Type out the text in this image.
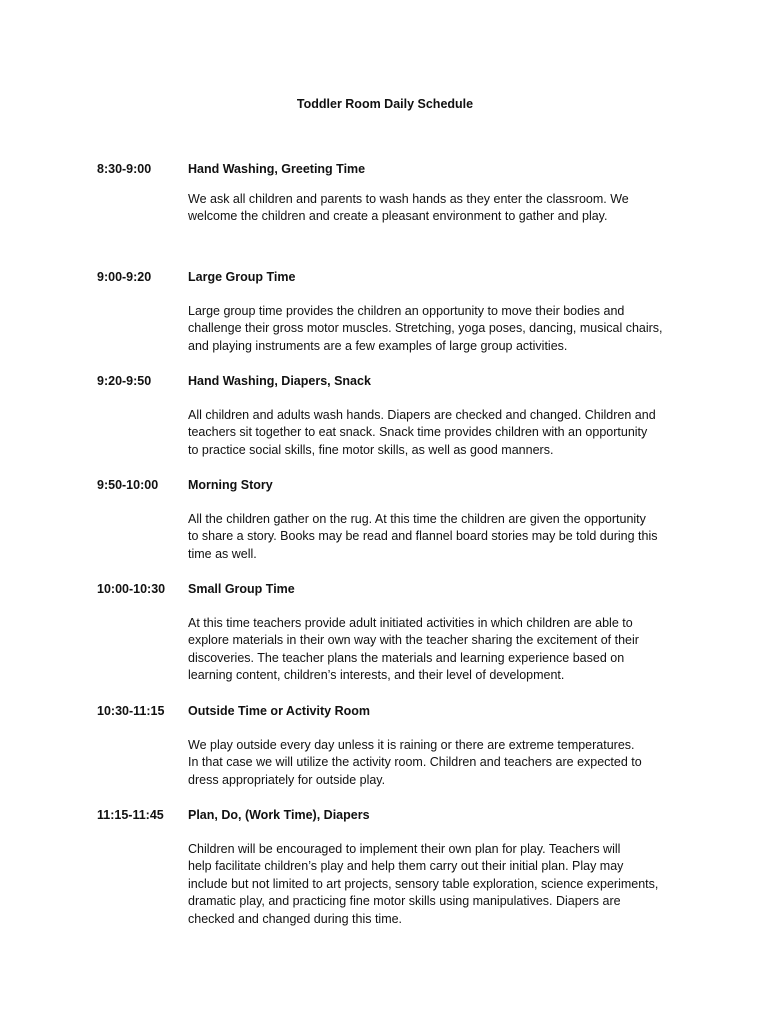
Toddler Room Daily Schedule
8:30-9:00	Hand Washing, Greeting Time
We ask all children and parents to wash hands as they enter the classroom. We
welcome the children and create a pleasant environment to gather and play.
9:00-9:20	Large Group Time
Large group time provides the children an opportunity to move their bodies and
challenge their gross motor muscles. Stretching, yoga poses, dancing, musical chairs,
and playing instruments are a few examples of large group activities.
9:20-9:50	Hand Washing, Diapers, Snack
All children and adults wash hands. Diapers are checked and changed. Children and
teachers sit together to eat snack. Snack time provides children with an opportunity
to practice social skills, fine motor skills, as well as good manners.
9:50-10:00 Morning Story
All the children gather on the rug. At this time the children are given the opportunity
to share a story. Books may be read and flannel board stories may be told during this
time as well.
10:00-10:30 Small Group Time
At this time teachers provide adult initiated activities in which children are able to
explore materials in their own way with the teacher sharing the excitement of their
discoveries. The teacher plans the materials and learning experience based on
learning content, children’s interests, and their level of development.
10:30-11:15 Outside Time or Activity Room
We play outside every day unless it is raining or there are extreme temperatures.
In that case we will utilize the activity room. Children and teachers are expected to
dress appropriately for outside play.
11:15-11:45 Plan, Do, (Work Time), Diapers
Children will be encouraged to implement their own plan for play. Teachers will
help facilitate children’s play and help them carry out their initial plan. Play may
include but not limited to art projects, sensory table exploration, science experiments,
dramatic play, and practicing fine motor skills using manipulatives. Diapers are
checked and changed during this time.
